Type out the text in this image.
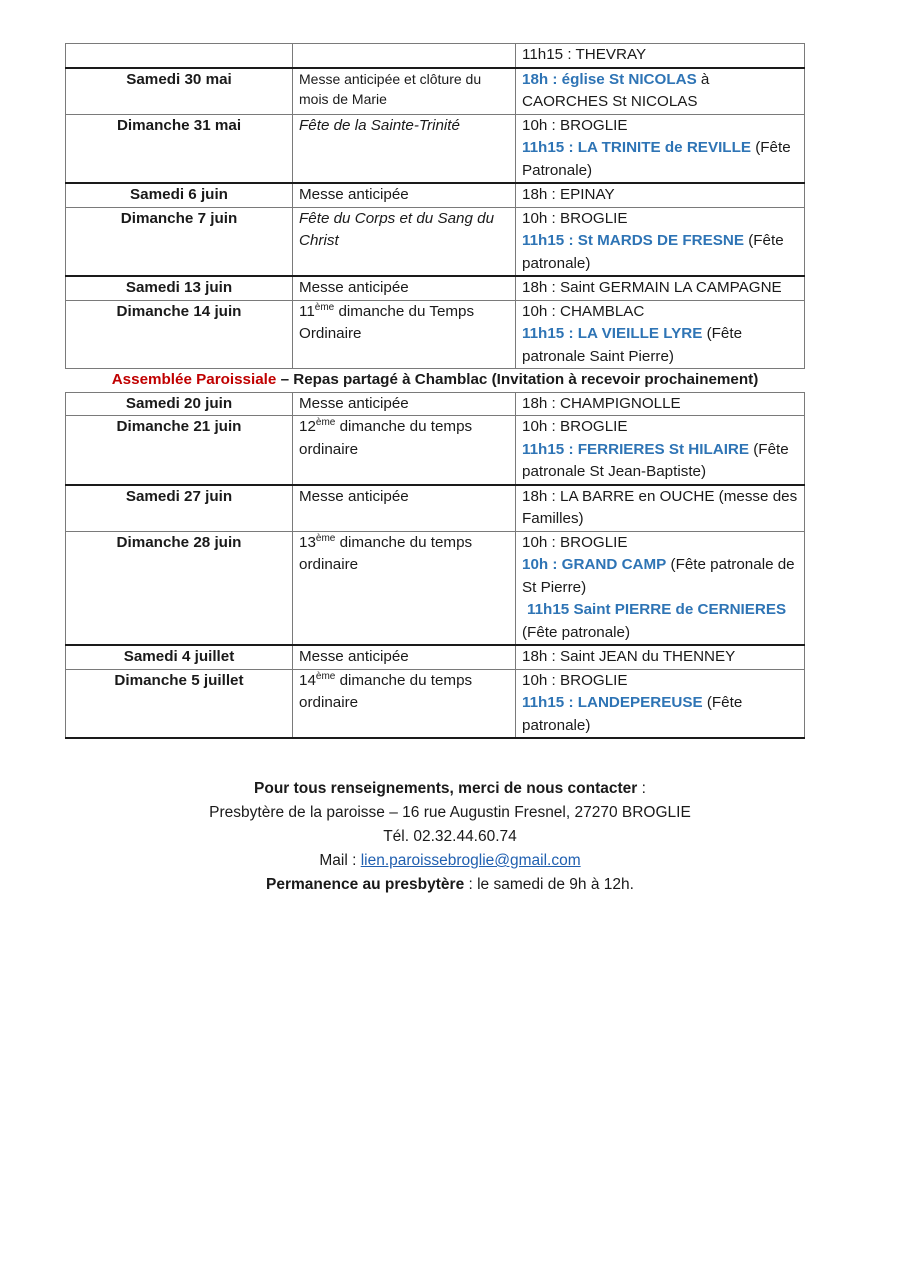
		11h15 : THEVRAY
Samedi 30 mai	Messe anticipée et clôture du mois de Marie	18h : église St NICOLAS à CAORCHES St NICOLAS
Dimanche 31 mai	Fête de la Sainte-Trinité	10h : BROGLIE
11h15 : LA TRINITE de REVILLE (Fête Patronale)

Samedi 6 juin	Messe anticipée	18h : EPINAY
Dimanche 7 juin	Fête du Corps et du Sang du Christ	10h : BROGLIE
11h15 : St MARDS DE FRESNE (Fête patronale)

Samedi 13 juin	Messe anticipée	18h : Saint GERMAIN LA CAMPAGNE
Dimanche 14 juin	11ème dimanche du Temps Ordinaire	10h : CHAMBLAC
11h15 : LA VIEILLE LYRE (Fête patronale Saint Pierre)

Assemblée Paroissiale – Repas partagé à Chamblac (Invitation à recevoir prochainement)		
Samedi 20 juin	Messe anticipée	18h : CHAMPIGNOLLE
Dimanche 21 juin	12ème dimanche du temps ordinaire	10h : BROGLIE
11h15 : FERRIERES St HILAIRE (Fête patronale St Jean-Baptiste)

Samedi 27 juin	Messe anticipée	18h : LA BARRE en OUCHE (messe des Familles)
Dimanche 28 juin	13ème dimanche du temps ordinaire	10h : BROGLIE
10h : GRAND CAMP (Fête patronale de St Pierre)
11h15 Saint PIERRE de CERNIERES
(Fête patronale)

Samedi 4 juillet	Messe anticipée	18h : Saint JEAN du THENNEY
Dimanche 5 juillet	14ème dimanche du temps ordinaire	10h : BROGLIE
11h15 : LANDEPEREUSE (Fête patronale)
Pour tous renseignements, merci de nous contacter :
Presbytère de la paroisse – 16 rue Augustin Fresnel, 27270 BROGLIE
Tél. 02.32.44.60.74
Mail : lien.paroissebroglie@gmail.com
Permanence au presbytère : le samedi de 9h à 12h.
